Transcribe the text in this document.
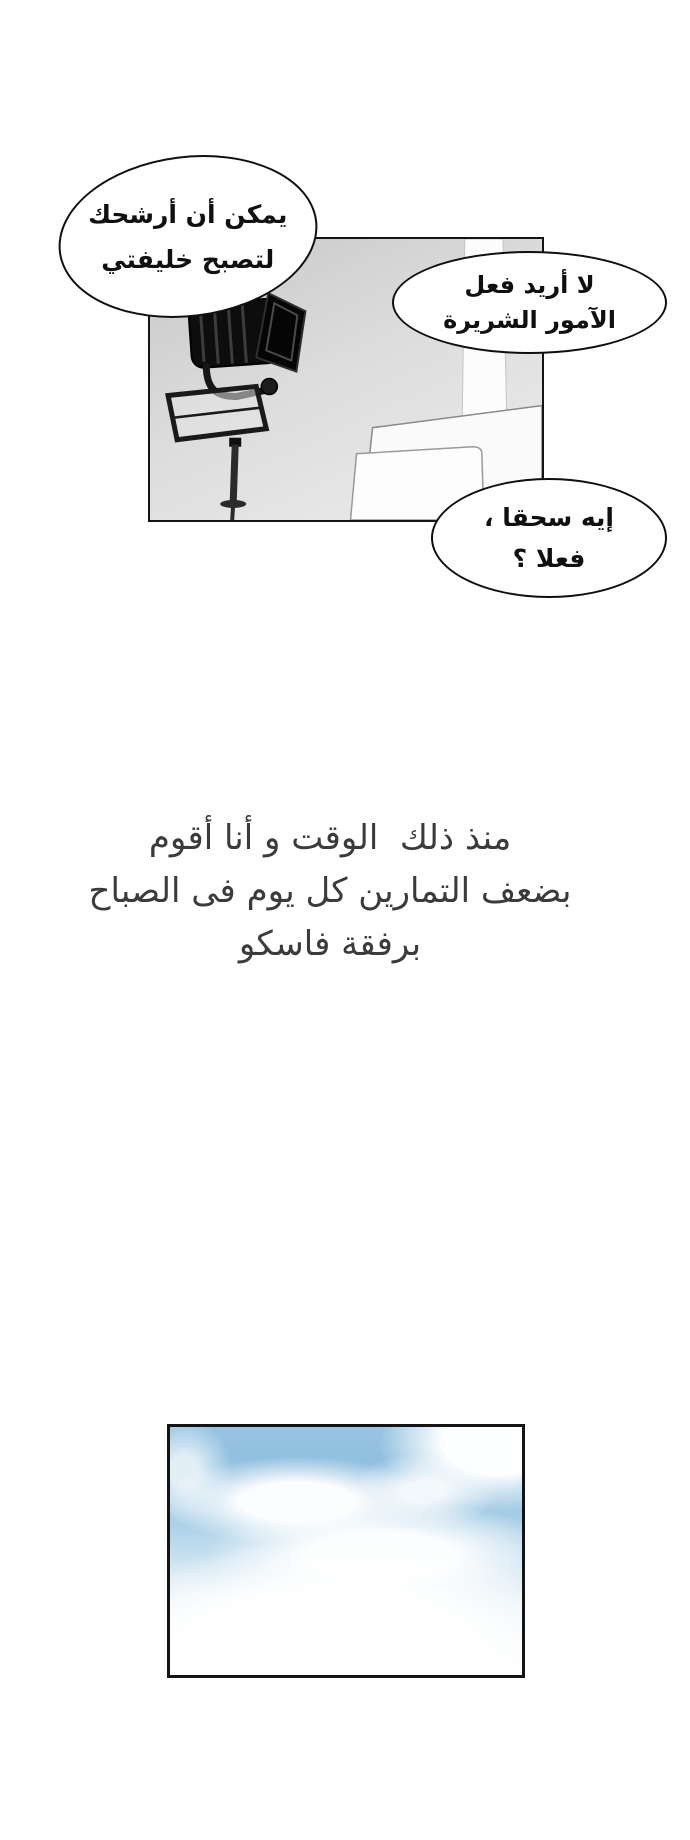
يمكن أن أرشحك
لتصبح خليفتي
لا أريد فعل
الآمور الشريرة
إيه سحقا ،
فعلا ؟
منذ ذلك  الوقت و أنا أقوم
بضعف التمارين كل يوم فى الصباح
برفقة فاسكو
